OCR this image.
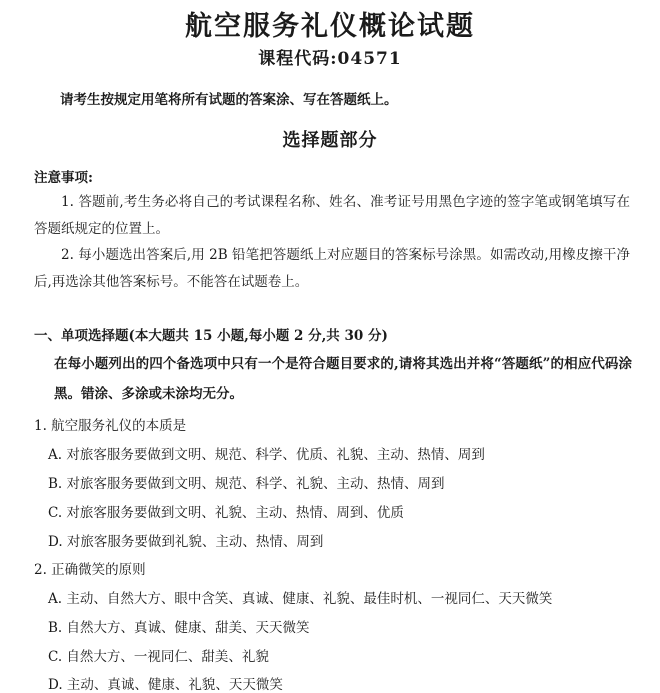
航空服务礼仪概论试题
课程代码:04571
请考生按规定用笔将所有试题的答案涂、写在答题纸上。
选择题部分
注意事项:

1. 答题前,考生务必将自己的考试课程名称、姓名、准考证号用黑色字迹的签字笔或钢笔填写在答题纸规定的位置上。

2. 每小题选出答案后,用 2B 铅笔把答题纸上对应题目的答案标号涂黑。如需改动,用橡皮擦干净后,再选涂其他答案标号。不能答在试题卷上。

一、单项选择题(本大题共 15 小题,每小题 2 分,共 30 分)

在每小题列出的四个备选项中只有一个是符合题目要求的,请将其选出并将“答题纸”的相应代码涂黑。错涂、多涂或未涂均无分。

1. 航空服务礼仪的本质是
A. 对旅客服务要做到文明、规范、科学、优质、礼貌、主动、热情、周到
B. 对旅客服务要做到文明、规范、科学、礼貌、主动、热情、周到
C. 对旅客服务要做到文明、礼貌、主动、热情、周到、优质
D. 对旅客服务要做到礼貌、主动、热情、周到
2. 正确微笑的原则
A. 主动、自然大方、眼中含笑、真诚、健康、礼貌、最佳时机、一视同仁、天天微笑
B. 自然大方、真诚、健康、甜美、天天微笑
C. 自然大方、一视同仁、甜美、礼貌
D. 主动、真诚、健康、礼貌、天天微笑
